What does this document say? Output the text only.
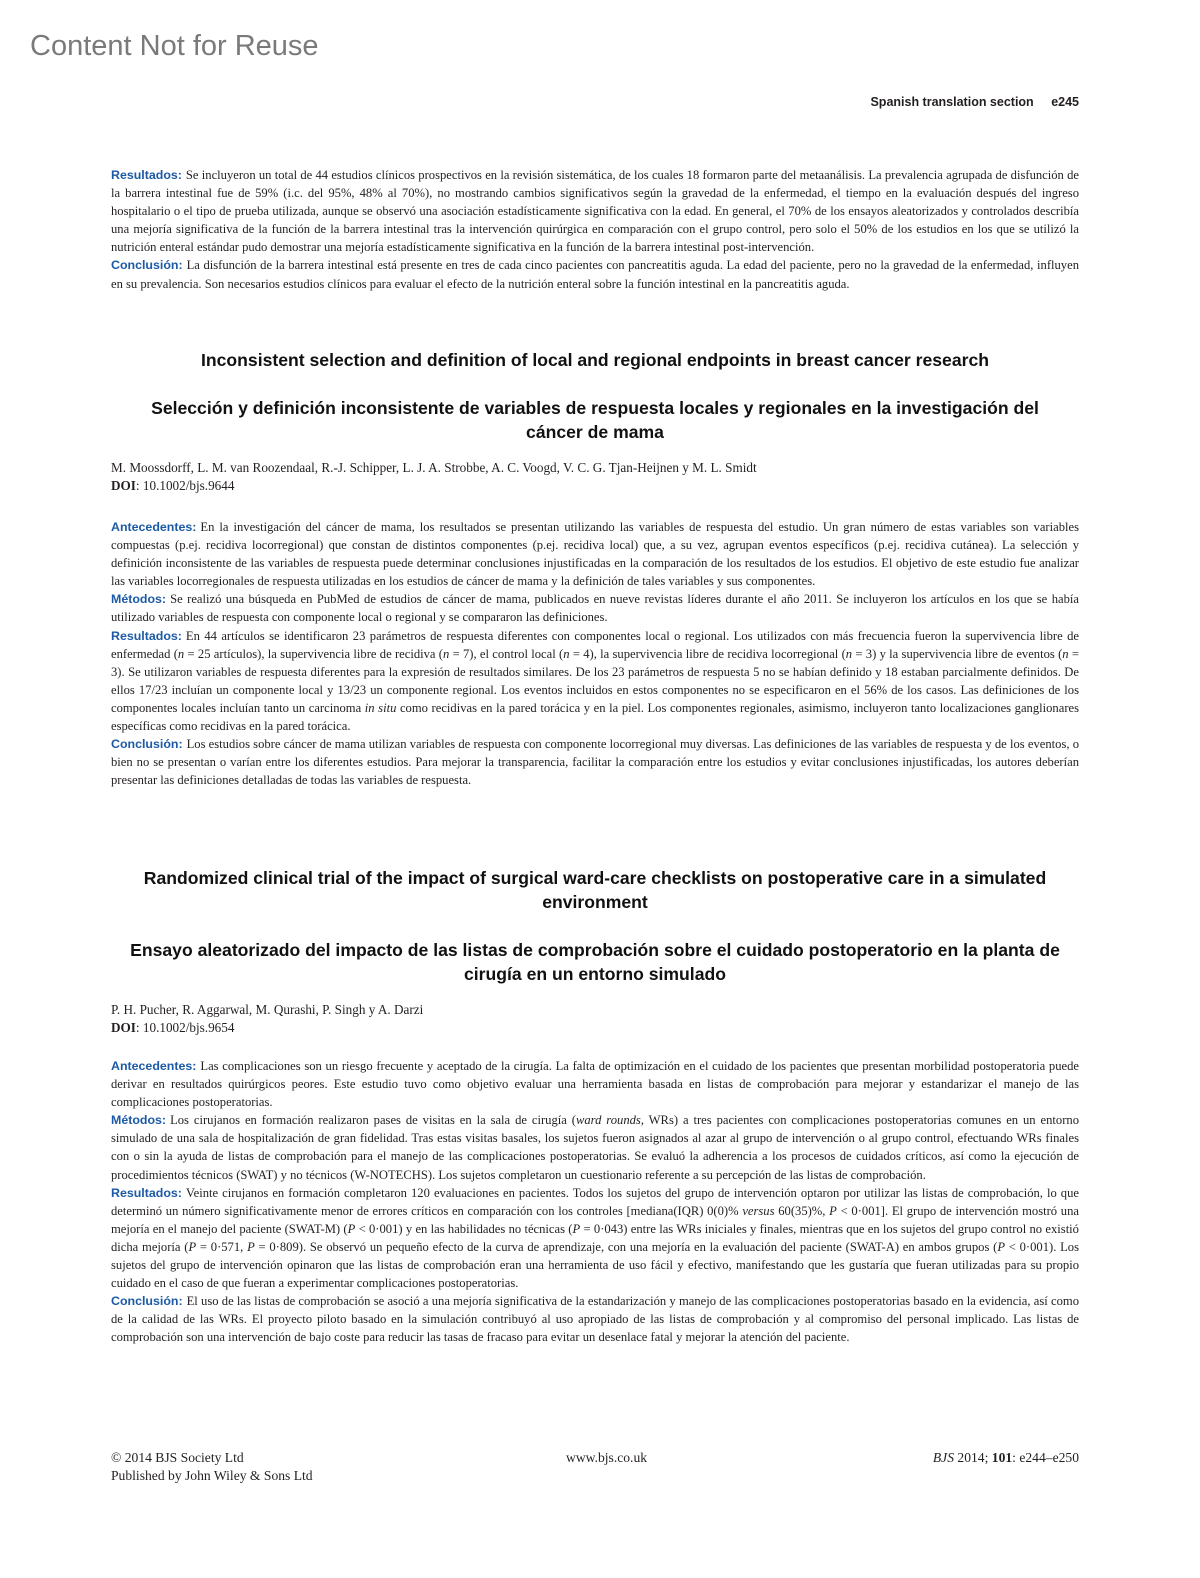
Content Not for Reuse
Spanish translation section e245

Resultados: Se incluyeron un total de 44 estudios clínicos prospectivos en la revisión sistemática, de los cuales 18 formaron parte del metaanálisis. La prevalencia agrupada de disfunción de la barrera intestinal fue de 59% (i.c. del 95%, 48% al 70%), no mostrando cambios significativos según la gravedad de la enfermedad, el tiempo en la evaluación después del ingreso hospitalario o el tipo de prueba utilizada, aunque se observó una asociación estadísticamente significativa con la edad. En general, el 70% de los ensayos aleatorizados y controlados describía una mejoría significativa de la función de la barrera intestinal tras la intervención quirúrgica en comparación con el grupo control, pero solo el 50% de los estudios en los que se utilizó la nutrición enteral estándar pudo demostrar una mejoría estadísticamente significativa en la función de la barrera intestinal post-intervención.

Conclusión: La disfunción de la barrera intestinal está presente en tres de cada cinco pacientes con pancreatitis aguda. La edad del paciente, pero no la gravedad de la enfermedad, influyen en su prevalencia. Son necesarios estudios clínicos para evaluar el efecto de la nutrición enteral sobre la función intestinal en la pancreatitis aguda.

Inconsistent selection and definition of local and regional endpoints in breast cancer research
Selección y definición inconsistente de variables de respuesta locales y regionales en la investigación del cáncer de mama

M. Moossdorff, L. M. van Roozendaal, R.-J. Schipper, L. J. A. Strobbe, A. C. Voogd, V. C. G. Tjan-Heijnen y M. L. Smidt

DOI: 10.1002/bjs.9644

Antecedentes: En la investigación del cáncer de mama, los resultados se presentan utilizando las variables de respuesta del estudio. Un gran número de estas variables son variables compuestas (p.ej. recidiva locorregional) que constan de distintos componentes (p.ej. recidiva local) que, a su vez, agrupan eventos específicos (p.ej. recidiva cutánea). La selección y definición inconsistente de las variables de respuesta puede determinar conclusiones injustificadas en la comparación de los resultados de los estudios. El objetivo de este estudio fue analizar las variables locorregionales de respuesta utilizadas en los estudios de cáncer de mama y la definición de tales variables y sus componentes.

Métodos: Se realizó una búsqueda en PubMed de estudios de cáncer de mama, publicados en nueve revistas líderes durante el año 2011. Se incluyeron los artículos en los que se había utilizado variables de respuesta con componente local o regional y se compararon las definiciones.

Resultados: En 44 artículos se identificaron 23 parámetros de respuesta diferentes con componentes local o regional. Los utilizados con más frecuencia fueron la supervivencia libre de enfermedad (n = 25 artículos), la supervivencia libre de recidiva (n = 7), el control local (n = 4), la supervivencia libre de recidiva locorregional (n = 3) y la supervivencia libre de eventos (n = 3). Se utilizaron variables de respuesta diferentes para la expresión de resultados similares. De los 23 parámetros de respuesta 5 no se habían definido y 18 estaban parcialmente definidos. De ellos 17/23 incluían un componente local y 13/23 un componente regional. Los eventos incluidos en estos componentes no se especificaron en el 56% de los casos. Las definiciones de los componentes locales incluían tanto un carcinoma in situ como recidivas en la pared torácica y en la piel. Los componentes regionales, asimismo, incluyeron tanto localizaciones ganglionares específicas como recidivas en la pared torácica.

Conclusión: Los estudios sobre cáncer de mama utilizan variables de respuesta con componente locorregional muy diversas. Las definiciones de las variables de respuesta y de los eventos, o bien no se presentan o varían entre los diferentes estudios. Para mejorar la transparencia, facilitar la comparación entre los estudios y evitar conclusiones injustificadas, los autores deberían presentar las definiciones detalladas de todas las variables de respuesta.

Randomized clinical trial of the impact of surgical ward-care checklists on postoperative care in a simulated environment
Ensayo aleatorizado del impacto de las listas de comprobación sobre el cuidado postoperatorio en la planta de cirugía en un entorno simulado

P. H. Pucher, R. Aggarwal, M. Qurashi, P. Singh y A. Darzi

DOI: 10.1002/bjs.9654

Antecedentes: Las complicaciones son un riesgo frecuente y aceptado de la cirugía. La falta de optimización en el cuidado de los pacientes que presentan morbilidad postoperatoria puede derivar en resultados quirúrgicos peores. Este estudio tuvo como objetivo evaluar una herramienta basada en listas de comprobación para mejorar y estandarizar el manejo de las complicaciones postoperatorias.

Métodos: Los cirujanos en formación realizaron pases de visitas en la sala de cirugía (ward rounds, WRs) a tres pacientes con complicaciones postoperatorias comunes en un entorno simulado de una sala de hospitalización de gran fidelidad. Tras estas visitas basales, los sujetos fueron asignados al azar al grupo de intervención o al grupo control, efectuando WRs finales con o sin la ayuda de listas de comprobación para el manejo de las complicaciones postoperatorias. Se evaluó la adherencia a los procesos de cuidados críticos, así como la ejecución de procedimientos técnicos (SWAT) y no técnicos (W-NOTECHS). Los sujetos completaron un cuestionario referente a su percepción de las listas de comprobación.

Resultados: Veinte cirujanos en formación completaron 120 evaluaciones en pacientes. Todos los sujetos del grupo de intervención optaron por utilizar las listas de comprobación, lo que determinó un número significativamente menor de errores críticos en comparación con los controles [mediana(IQR) 0(0)% versus 60(35)%, P < 0·001]. El grupo de intervención mostró una mejoría en el manejo del paciente (SWAT-M) (P < 0·001) y en las habilidades no técnicas (P = 0·043) entre las WRs iniciales y finales, mientras que en los sujetos del grupo control no existió dicha mejoría (P = 0·571, P = 0·809). Se observó un pequeño efecto de la curva de aprendizaje, con una mejoría en la evaluación del paciente (SWAT-A) en ambos grupos (P < 0·001). Los sujetos del grupo de intervención opinaron que las listas de comprobación eran una herramienta de uso fácil y efectivo, manifestando que les gustaría que fueran utilizadas para su propio cuidado en el caso de que fueran a experimentar complicaciones postoperatorias.

Conclusión: El uso de las listas de comprobación se asoció a una mejoría significativa de la estandarización y manejo de las complicaciones postoperatorias basado en la evidencia, así como de la calidad de las WRs. El proyecto piloto basado en la simulación contribuyó al uso apropiado de las listas de comprobación y al compromiso del personal implicado. Las listas de comprobación son una intervención de bajo coste para reducir las tasas de fracaso para evitar un desenlace fatal y mejorar la atención del paciente.

© 2014 BJS Society Ltd
Published by John Wiley & Sons Ltd
www.bjs.co.uk	BJS 2014; 101: e244–e250
